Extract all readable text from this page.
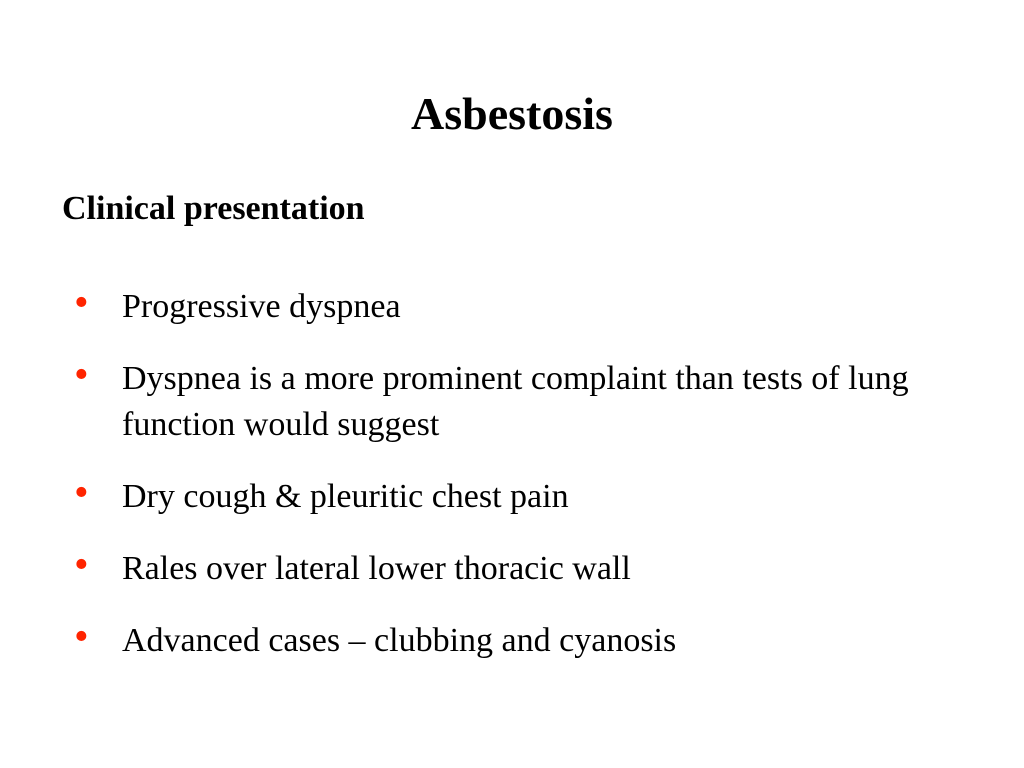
Asbestosis
Clinical presentation
• Progressive dyspnea
• Dyspnea is a more prominent complaint than tests of lung function would suggest
• Dry cough & pleuritic chest pain
• Rales over lateral lower thoracic wall
• Advanced cases – clubbing and cyanosis
